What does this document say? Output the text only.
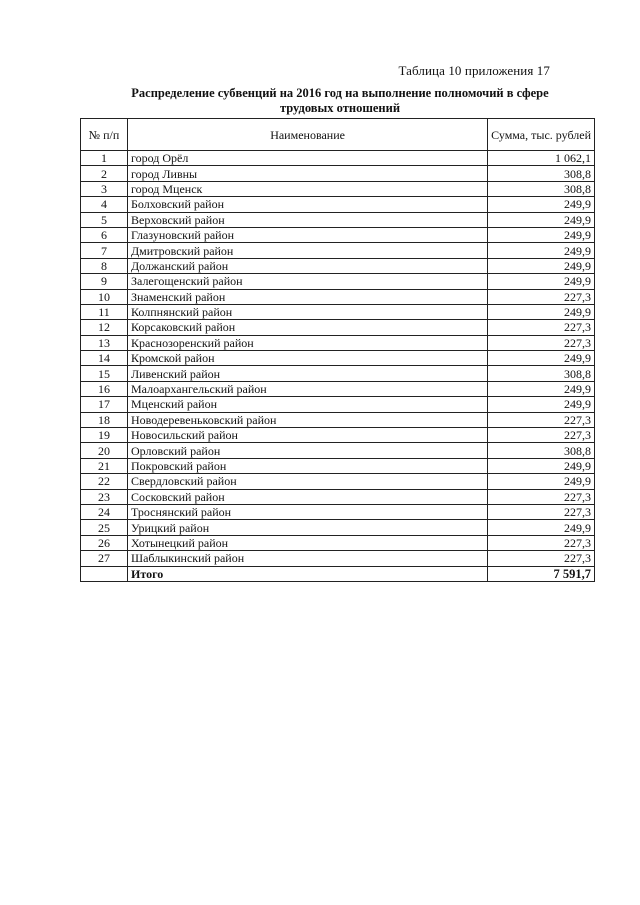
Таблица 10 приложения 17
Распределение субвенций на 2016 год на выполнение полномочий в сфере
трудовых отношений
№ п/п	Наименование	Сумма, тыс. рублей
1	город Орёл	1 062,1
2	город Ливны	308,8
3	город Мценск	308,8
4	Болховский район	249,9
5	Верховский район	249,9
6	Глазуновский район	249,9
7	Дмитровский район	249,9
8	Должанский район	249,9
9	Залегощенский район	249,9
10	Знаменский район	227,3
11	Колпнянский район	249,9
12	Корсаковский район	227,3
13	Краснозоренский район	227,3
14	Кромской район	249,9
15	Ливенский район	308,8
16	Малоархангельский район	249,9
17	Мценский район	249,9
18	Новодеревеньковский район	227,3
19	Новосильский район	227,3
20	Орловский район	308,8
21	Покровский район	249,9
22	Свердловский район	249,9
23	Сосковский район	227,3
24	Троснянский район	227,3
25	Урицкий район	249,9
26	Хотынецкий район	227,3
27	Шаблыкинский район	227,3
	Итого	7 591,7
